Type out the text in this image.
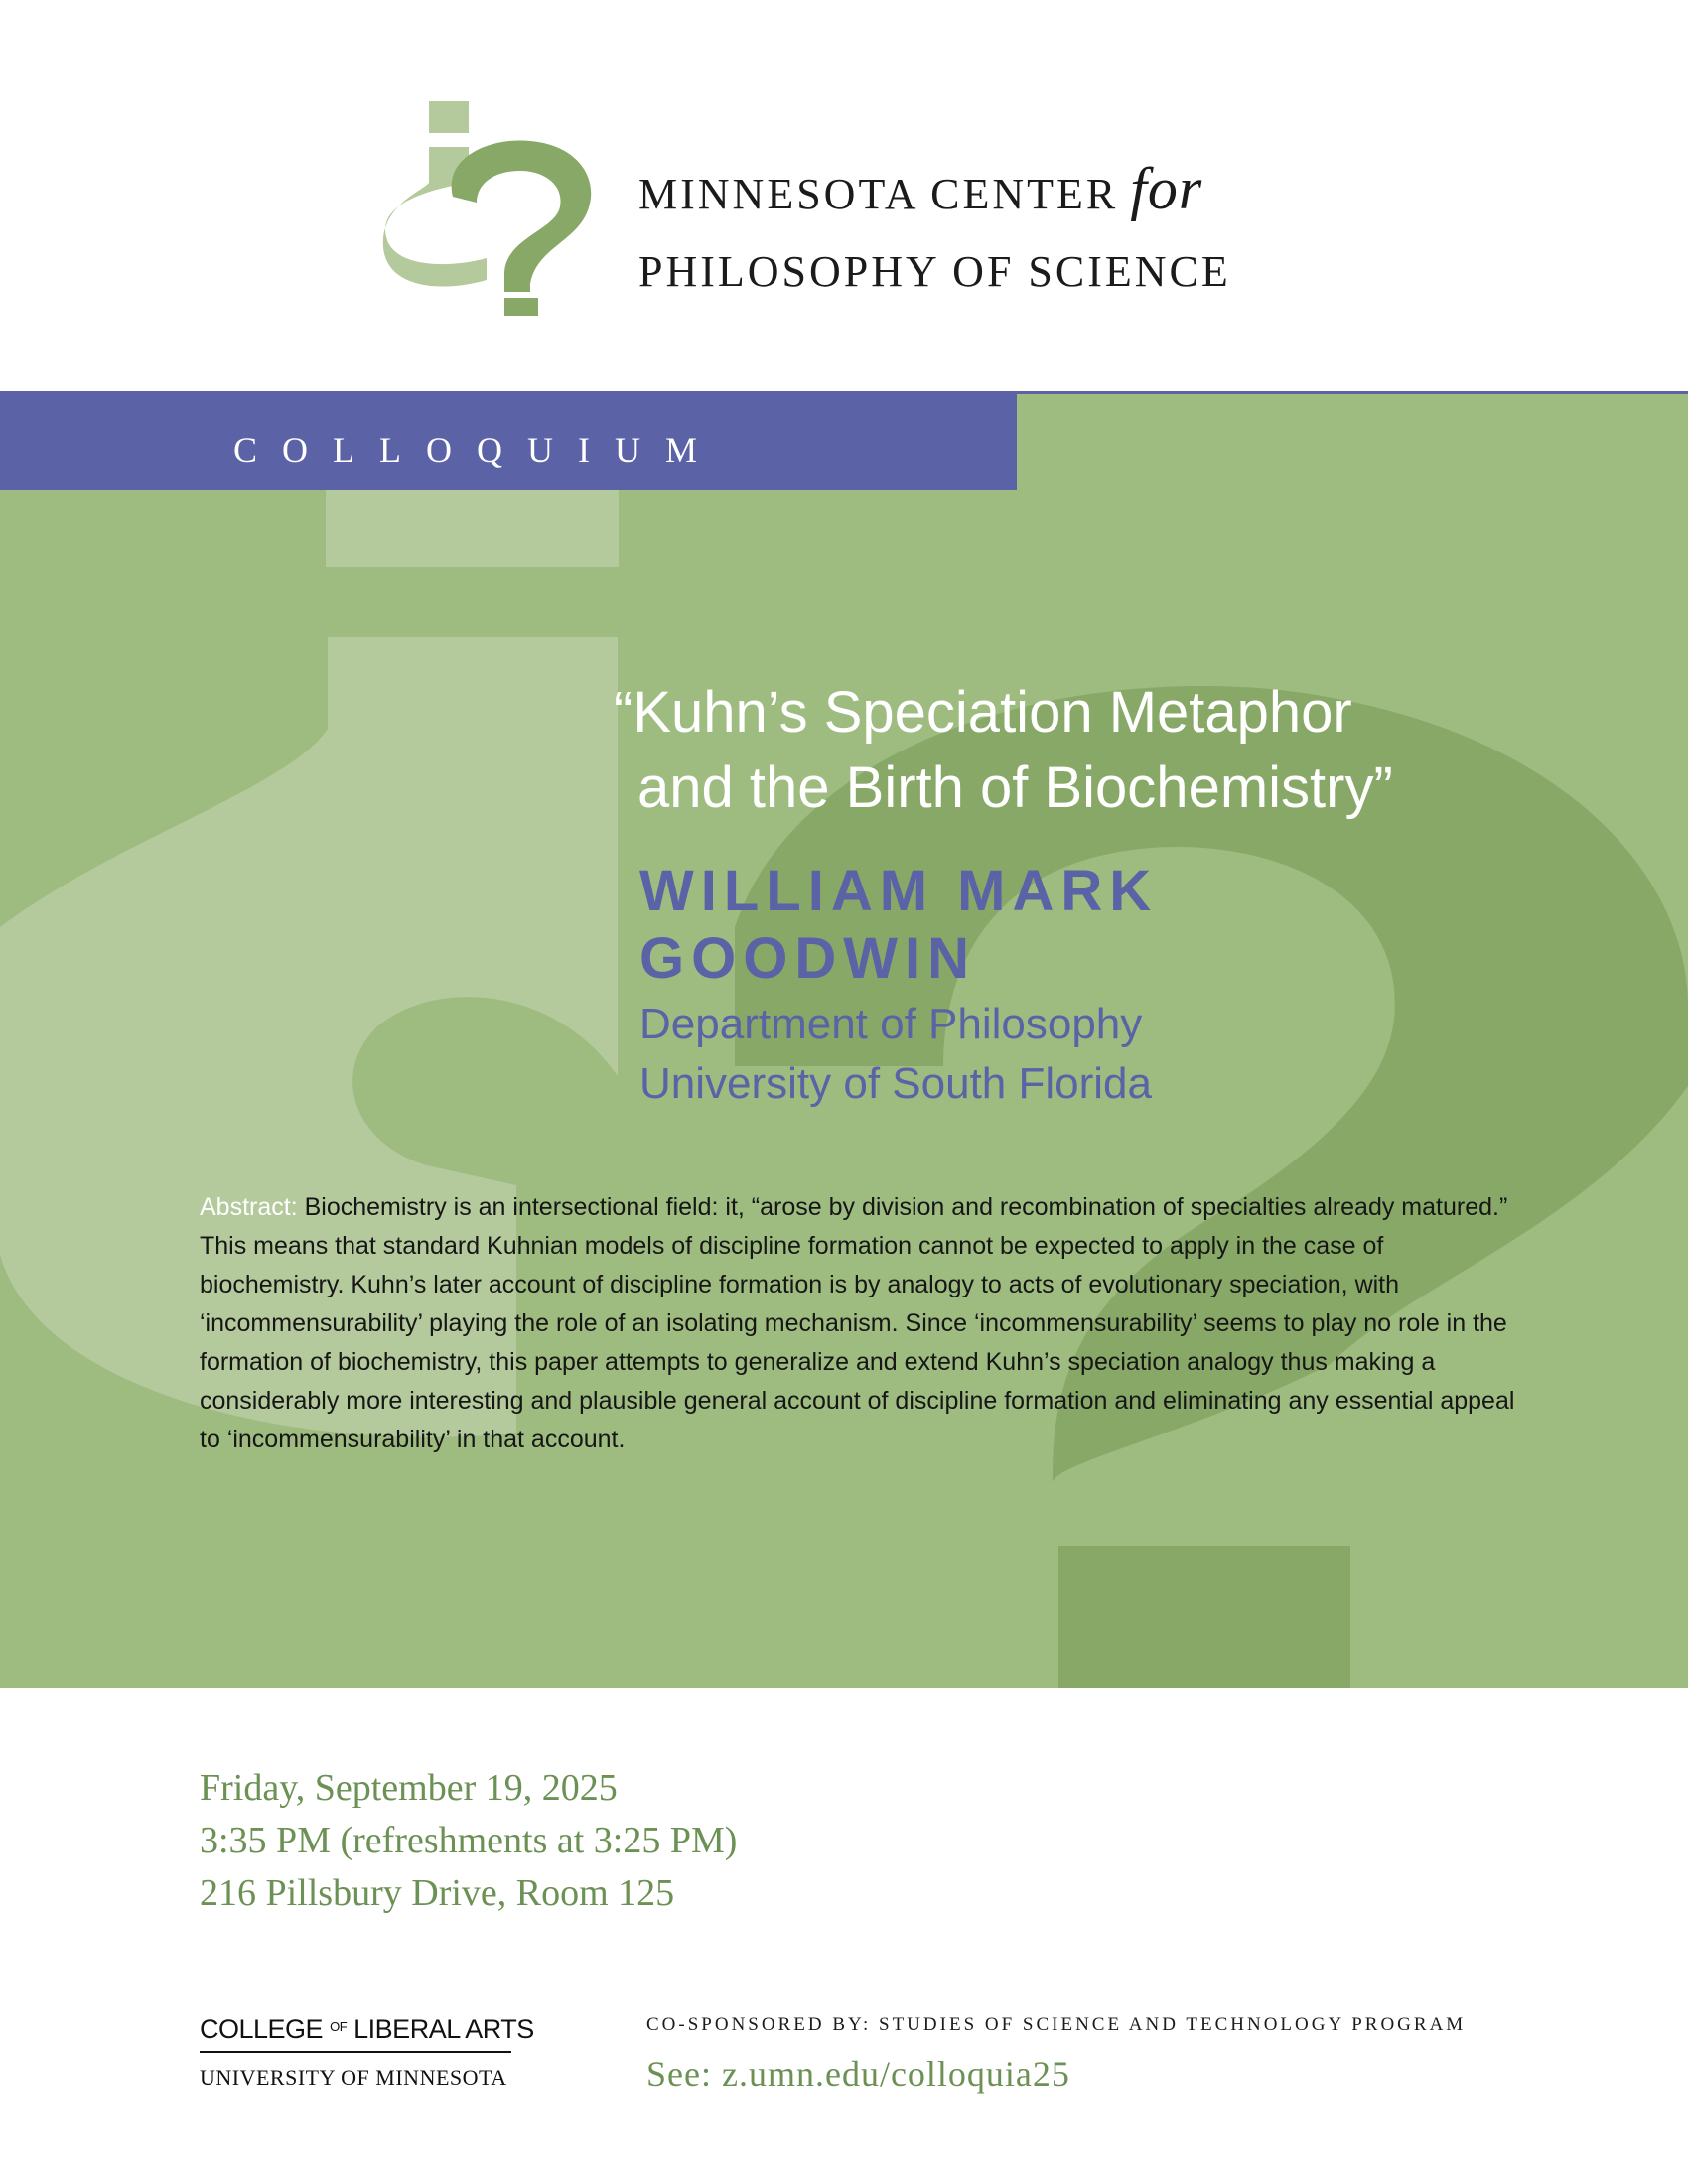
MINNESOTA CENTER for
PHILOSOPHY OF SCIENCE
COLLOQUIUM
“Kuhn’s Speciation Metaphor
and the Birth of Biochemistry”
WILLIAM MARK
GOODWIN
Department of Philosophy
University of South Florida

Abstract: Biochemistry is an intersectional field: it, “arose by division and recombination of specialties already matured.” This means that standard Kuhnian models of discipline formation cannot be expected to apply in the case of biochemistry. Kuhn’s later account of discipline formation is by analogy to acts of evolutionary speciation, with ‘incommensurability’ playing the role of an isolating mechanism. Since ‘incommensurability’ seems to play no role in the formation of biochemistry, this paper attempts to generalize and extend Kuhn’s speciation analogy thus making a considerably more interesting and plausible general account of discipline formation and eliminating any essential appeal to ‘incommensurability’ in that account.

Friday, September 19, 2025
3:35 PM (refreshments at 3:25 PM)
216 Pillsbury Drive, Room 125
COLLEGE $^{OF}$ LIBERAL ARTS
UNIVERSITY OF MINNESOTA
CO-SPONSORED BY: STUDIES OF SCIENCE AND TECHNOLOGY PROGRAM
See: z.umn.edu/colloquia25
